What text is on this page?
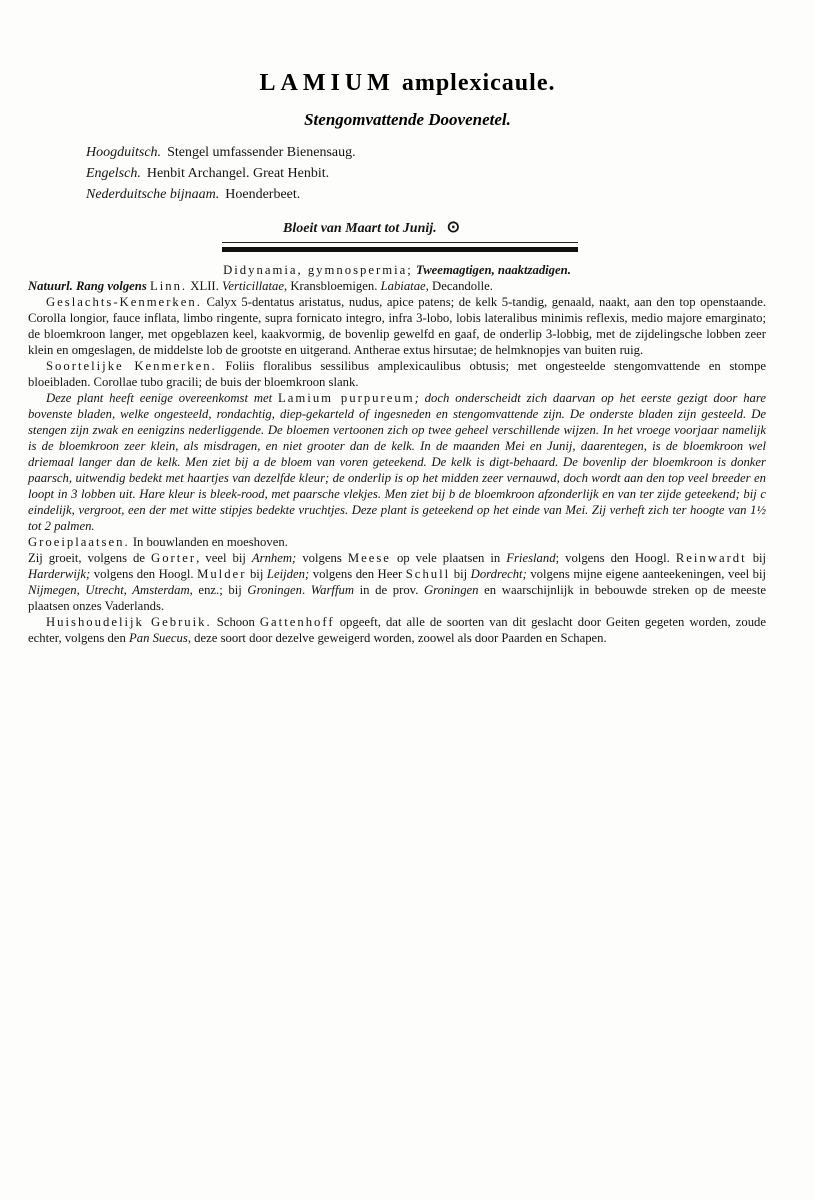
LAMIUM amplexicaule.
Stengomvattende Doovenetel.
Hoogduitsch. Stengel umfassender Bienensaug.
Engelsch. Henbit Archangel. Great Henbit.
Nederduitsche bijnaam. Hoenderbeet.
Bloeit van Maart tot Junij. ⊙

Didynamia, gymnospermia; Tweemagtigen, naaktzadigen.

Natuurl. Rang volgens Linn. XLII. Verticillatae, Kransbloemigen. Labiatae, Decandolle.

Geslachts-Kenmerken. Calyx 5-dentatus aristatus, nudus, apice patens; de kelk 5-tandig, genaald, naakt, aan den top openstaande. Corolla longior, fauce inflata, limbo ringente, supra fornicato integro, infra 3-lobo, lobis lateralibus minimis reflexis, medio majore emarginato; de bloemkroon langer, met opgeblazen keel, kaakvormig, de bovenlip gewelfd en gaaf, de onderlip 3-lobbig, met de zijdelingsche lobben zeer klein en omgeslagen, de middelste lob de grootste en uitgerand. Antherae extus hirsutae; de helmknopjes van buiten ruig.

Soortelijke Kenmerken. Foliis floralibus sessilibus amplexicaulibus obtusis; met ongesteelde stengomvattende en stompe bloeibladen. Corollae tubo gracili; de buis der bloemkroon slank.

Deze plant heeft eenige overeenkomst met Lamium purpureum; doch onderscheidt zich daarvan op het eerste gezigt door hare bovenste bladen, welke ongesteeld, rondachtig, diep-gekarteld of ingesneden en stengomvattende zijn. De onderste bladen zijn gesteeld. De stengen zijn zwak en eenigzins nederliggende. De bloemen vertoonen zich op twee geheel verschillende wijzen. In het vroege voorjaar namelijk is de bloemkroon zeer klein, als misdragen, en niet grooter dan de kelk. In de maanden Mei en Junij, daarentegen, is de bloemkroon wel driemaal langer dan de kelk. Men ziet bij a de bloem van voren geteekend. De kelk is digt-behaard. De bovenlip der bloemkroon is donker paarsch, uitwendig bedekt met haartjes van dezelfde kleur; de onderlip is op het midden zeer vernauwd, doch wordt aan den top veel breeder en loopt in 3 lobben uit. Hare kleur is bleek-rood, met paarsche vlekjes. Men ziet bij b de bloemkroon afzonderlijk en van ter zijde geteekend; bij c eindelijk, vergroot, een der met witte stipjes bedekte vruchtjes. Deze plant is geteekend op het einde van Mei. Zij verheft zich ter hoogte van 1½ tot 2 palmen.

Groeiplaatsen. In bouwlanden en moeshoven.

Zij groeit, volgens de Gorter, veel bij Arnhem; volgens Meese op vele plaatsen in Friesland; volgens den Hoogl. Reinwardt bij Harderwijk; volgens den Hoogl. Mulder bij Leijden; volgens den Heer Schull bij Dordrecht; volgens mijne eigene aanteekeningen, veel bij Nijmegen, Utrecht, Amsterdam, enz.; bij Groningen. Warffum in de prov. Groningen en waarschijnlijk in bebouwde streken op de meeste plaatsen onzes Vaderlands.

Huishoudelijk Gebruik. Schoon Gattenhoff opgeeft, dat alle de soorten van dit geslacht door Geiten gegeten worden, zoude echter, volgens den Pan Suecus, deze soort door dezelve geweigerd worden, zoowel als door Paarden en Schapen.
